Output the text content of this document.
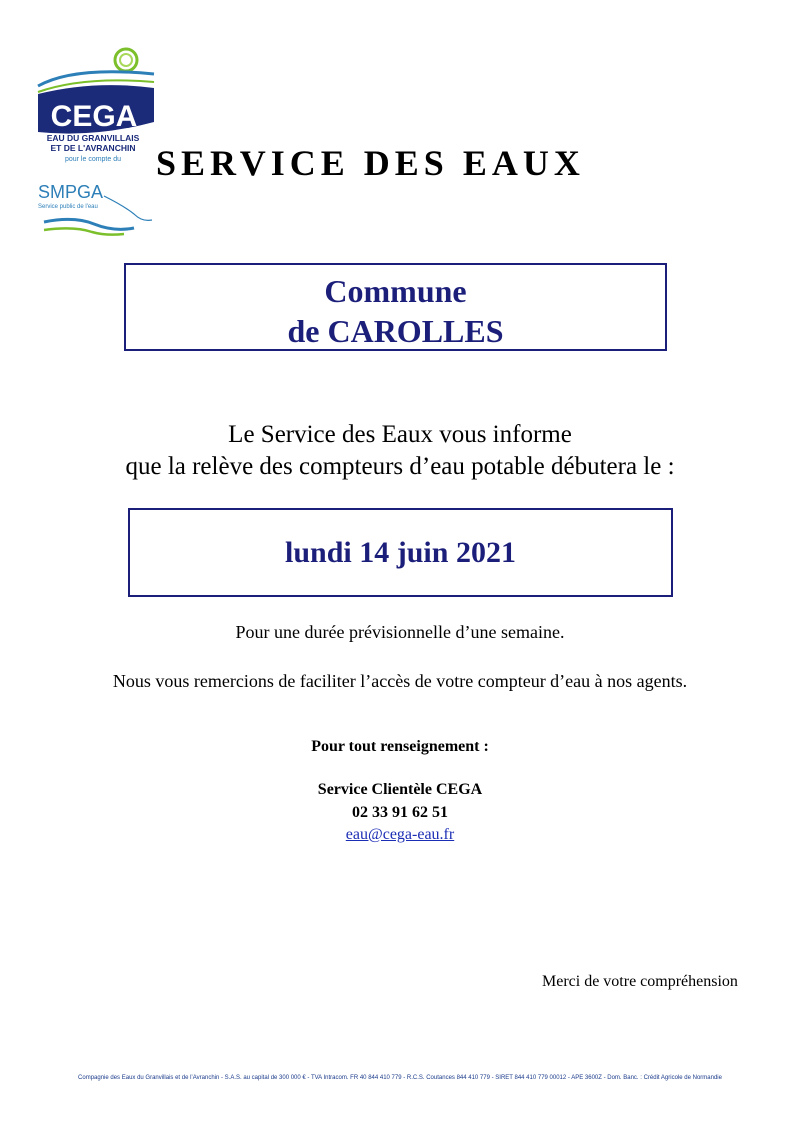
CEGA
EAU DU GRANVILLAIS
ET DE L'AVRANCHIN
pour le compte du
SMPGA
Service public de l'eau
SERVICE DES EAUX
Commune
de CAROLLES
Le Service des Eaux vous informe
que la relève des compteurs d’eau potable débutera le :
lundi 14 juin 2021
Pour une durée prévisionnelle d’une semaine.
Nous vous remercions de faciliter l’accès de votre compteur d’eau à nos agents.
Pour tout renseignement :
Service Clientèle CEGA
02 33 91 62 51
eau@cega-eau.fr
Merci de votre compréhension
Compagnie des Eaux du Granvillais et de l’Avranchin - S.A.S. au capital de 300 000 € - TVA Intracom. FR 40 844 410 779 - R.C.S. Coutances 844 410 779 - SIRET 844 410 779 00012 - APE 3600Z - Dom. Banc. : Crédit Agricole de Normandie
